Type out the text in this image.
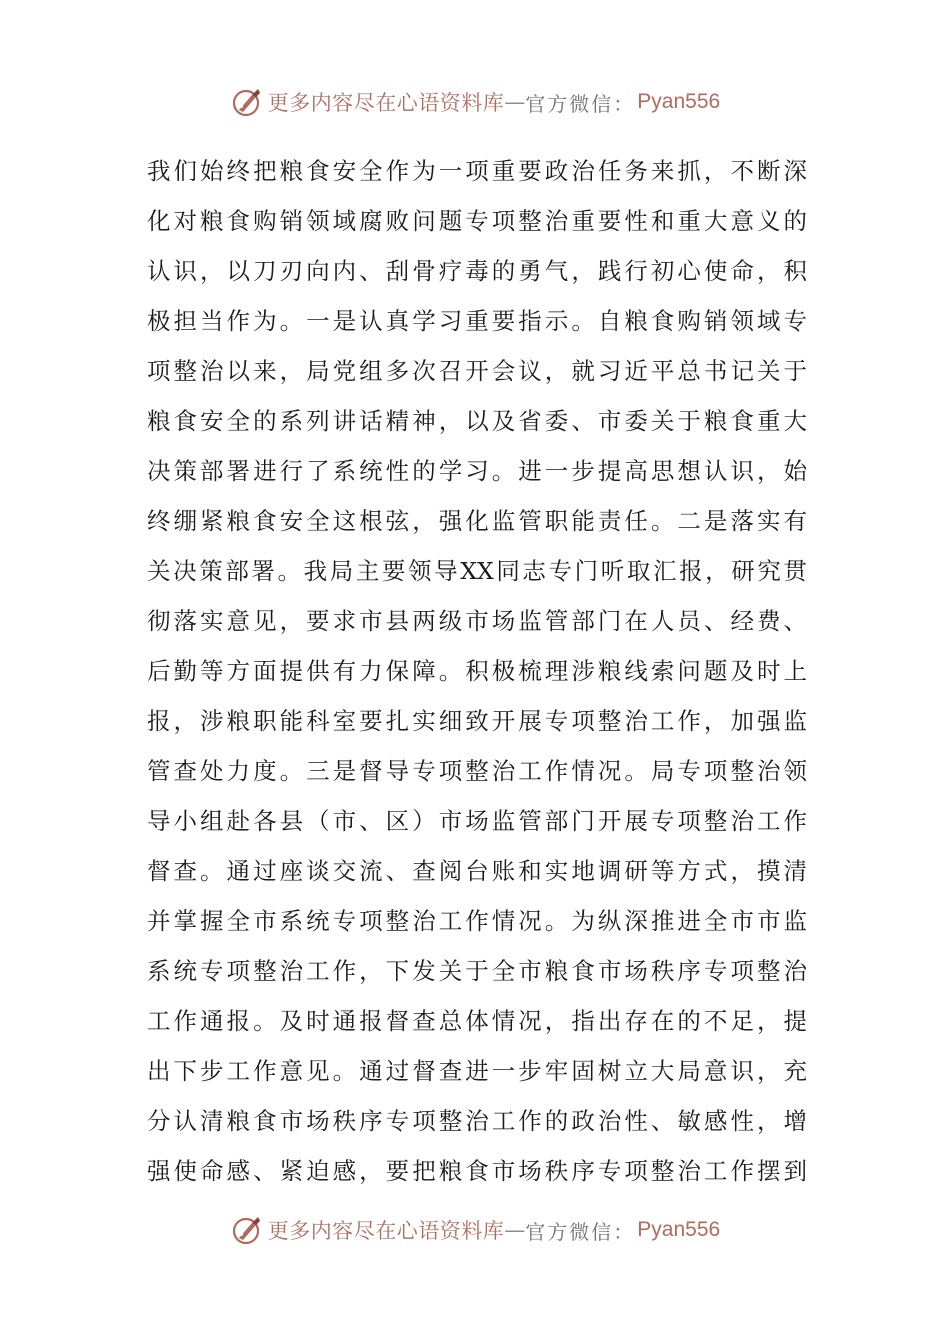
更多内容尽在心语资料库 — 官方微信： Pyan556
我们始终把粮食安全作为一项重要政治任务来抓，不断深
化对粮食购销领域腐败问题专项整治重要性和重大意义的
认识，以刀刃向内、刮骨疗毒的勇气，践行初心使命，积
极担当作为。一是认真学习重要指示。自粮食购销领域专
项整治以来，局党组多次召开会议，就习近平总书记关于
粮食安全的系列讲话精神，以及省委、市委关于粮食重大
决策部署进行了系统性的学习。进一步提高思想认识，始
终绷紧粮食安全这根弦，强化监管职能责任。二是落实有
关决策部署。我局主要领导XX同志专门听取汇报，研究贯
彻落实意见，要求市县两级市场监管部门在人员、经费、
后勤等方面提供有力保障。积极梳理涉粮线索问题及时上
报，涉粮职能科室要扎实细致开展专项整治工作，加强监
管查处力度。三是督导专项整治工作情况。局专项整治领
导小组赴各县（市、区）市场监管部门开展专项整治工作
督查。通过座谈交流、查阅台账和实地调研等方式，摸清
并掌握全市系统专项整治工作情况。为纵深推进全市市监
系统专项整治工作，下发关于全市粮食市场秩序专项整治
工作通报。及时通报督查总体情况，指出存在的不足，提
出下步工作意见。通过督查进一步牢固树立大局意识，充
分认清粮食市场秩序专项整治工作的政治性、敏感性，增
强使命感、紧迫感，要把粮食市场秩序专项整治工作摆到
更多内容尽在心语资料库 — 官方微信： Pyan556
